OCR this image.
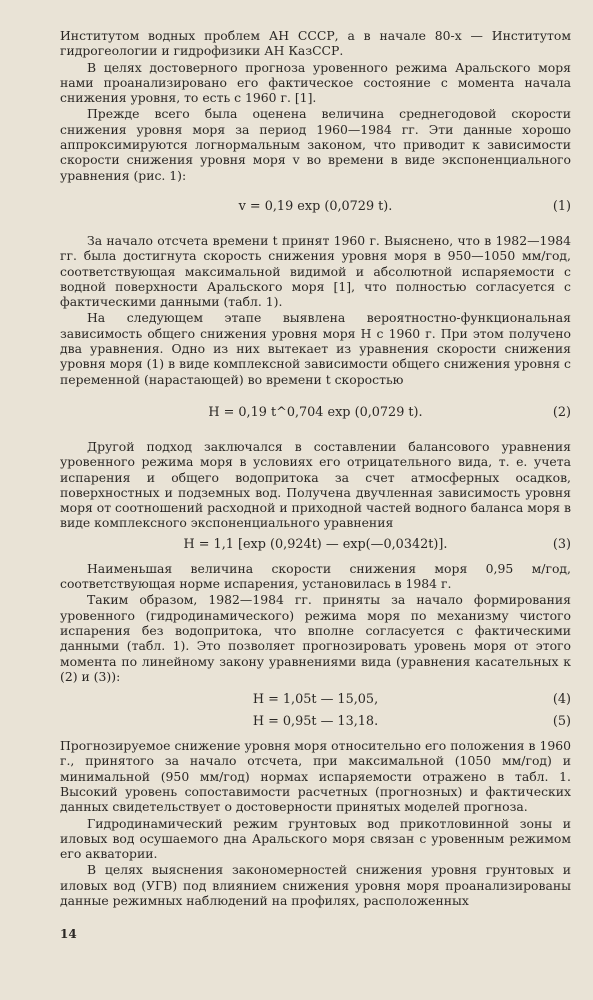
Институтом водных проблем АН СССР, а в начале 80-х — Институтом гидрогеологии и гидрофизики АН КазССР.

В целях достоверного прогноза уровенного режима Аральского моря нами проанализировано его фактическое состояние с момента начала снижения уровня, то есть с 1960 г. [1].

Прежде всего была оценена величина среднегодовой скорости снижения уровня моря за период 1960—1984 гг. Эти данные хорошо аппроксимируются логнормальным законом, что приводит к зависимости скорости снижения уровня моря v во времени в виде экспоненциального уравнения (рис. 1):

v = 0,19 exp (0,0729 t).	(1)

За начало отсчета времени t принят 1960 г. Выяснено, что в 1982—1984 гг. была достигнута скорость снижения уровня моря в 950—1050 мм/год, соответствующая максимальной видимой и абсолютной испаряемости с водной поверхности Аральского моря [1], что полностью согласуется с фактическими данными (табл. 1).

На следующем этапе выявлена вероятностно-функциональная зависимость общего снижения уровня моря H с 1960 г. При этом получено два уравнения. Одно из них вытекает из уравнения скорости снижения уровня моря (1) в виде комплексной зависимости общего снижения уровня с переменной (нарастающей) во времени t скоростью

H = 0,19 t^0,704 exp (0,0729 t).	(2)

Другой подход заключался в составлении балансового уравнения уровенного режима моря в условиях его отрицательного вида, т. е. учета испарения и общего водопритока за счет атмосферных осадков, поверхностных и подземных вод. Получена двучленная зависимость уровня моря от соотношений расходной и приходной частей водного баланса моря в виде комплексного экспоненциального уравнения

H = 1,1 [exp (0,924t) — exp(—0,0342t)].	(3)

Наименьшая величина скорости снижения моря 0,95 м/год, соответствующая норме испарения, установилась в 1984 г.

Таким образом, 1982—1984 гг. приняты за начало формирования уровенного (гидродинамического) режима моря по механизму чистого испарения без водопритока, что вполне согласуется с фактическими данными (табл. 1). Это позволяет прогнозировать уровень моря от этого момента по линейному закону уравнениями вида (уравнения касательных к (2) и (3)):

H = 1,05t — 15,05,	(4)
H = 0,95t — 13,18.	(5)

Прогнозируемое снижение уровня моря относительно его положения в 1960 г., принятого за начало отсчета, при максимальной (1050 мм/год) и минимальной (950 мм/год) нормах испаряемости отражено в табл. 1. Высокий уровень сопоставимости расчетных (прогнозных) и фактических данных свидетельствует о достоверности принятых моделей прогноза.

Гидродинамический режим грунтовых вод прикотловинной зоны и иловых вод осушаемого дна Аральского моря связан с уровенным режимом его акватории.

В целях выяснения закономерностей снижения уровня грунтовых и иловых вод (УГВ) под влиянием снижения уровня моря проанализированы данные режимных наблюдений на профилях, расположенных

14
